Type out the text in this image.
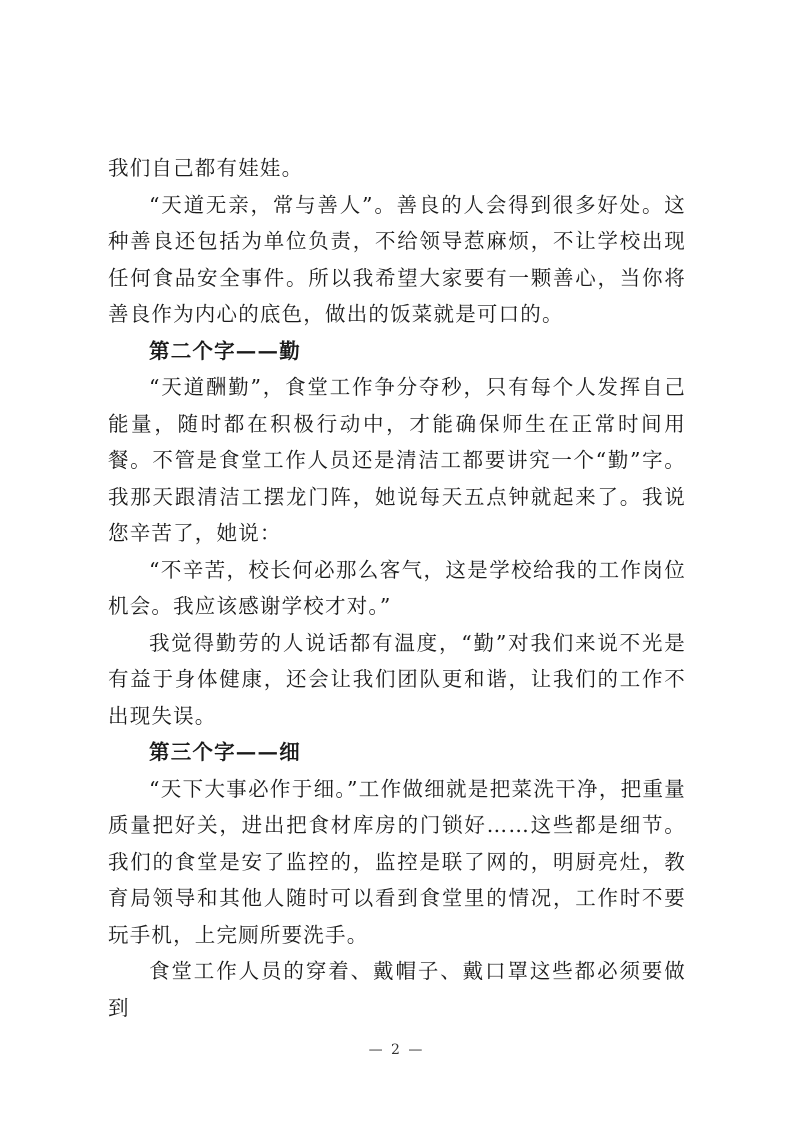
我们自己都有娃娃。

“天道无亲，常与善人”。善良的人会得到很多好处。这种善良还包括为单位负责，不给领导惹麻烦，不让学校出现任何食品安全事件。所以我希望大家要有一颗善心，当你将善良作为内心的底色，做出的饭菜就是可口的。

第二个字——勤

“天道酬勤”，食堂工作争分夺秒，只有每个人发挥自己能量，随时都在积极行动中，才能确保师生在正常时间用餐。不管是食堂工作人员还是清洁工都要讲究一个“勤”字。我那天跟清洁工摆龙门阵，她说每天五点钟就起来了。我说您辛苦了，她说：

“不辛苦，校长何必那么客气，这是学校给我的工作岗位机会。我应该感谢学校才对。”

我觉得勤劳的人说话都有温度，“勤”对我们来说不光是有益于身体健康，还会让我们团队更和谐，让我们的工作不出现失误。

第三个字——细

“天下大事必作于细。”工作做细就是把菜洗干净，把重量质量把好关，进出把食材库房的门锁好……这些都是细节。我们的食堂是安了监控的，监控是联了网的，明厨亮灶，教育局领导和其他人随时可以看到食堂里的情况，工作时不要玩手机，上完厕所要洗手。

食堂工作人员的穿着、戴帽子、戴口罩这些都必须要做到

— 2 —
